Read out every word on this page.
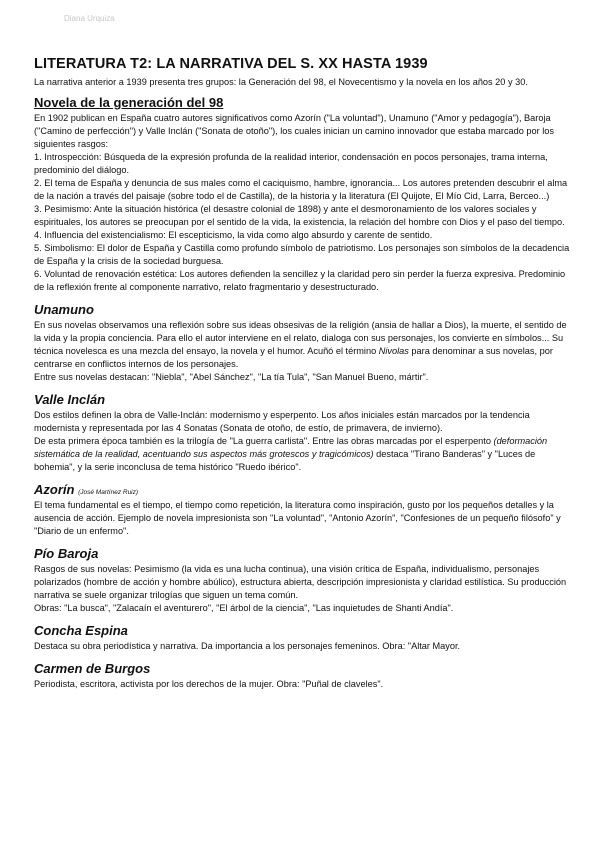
Diana Urquiza
LITERATURA T2: LA NARRATIVA DEL S. XX HASTA 1939

La narrativa anterior a 1939 presenta tres grupos: la Generación del 98, el Novecentismo y la novela en los años 20 y 30.

Novela de la generación del 98

En 1902 publican en España cuatro autores significativos como Azorín ("La voluntad"), Unamuno ("Amor y pedagogía"), Baroja ("Camino de perfección") y Valle Inclán ("Sonata de otoño"), los cuales inician un camino innovador que estaba marcado por los siguientes rasgos:

1. Introspección: Búsqueda de la expresión profunda de la realidad interior, condensación en pocos personajes, trama interna, predominio del diálogo.

2. El tema de España y denuncia de sus males como el caciquismo, hambre, ignorancia... Los autores pretenden descubrir el alma de la nación a través del paisaje (sobre todo el de Castilla), de la historia y la literatura (El Quijote, El Mío Cid, Larra, Berceo...)

3. Pesimismo: Ante la situación histórica (el desastre colonial de 1898) y ante el desmoronamiento de los valores sociales y espirituales, los autores se preocupan por el sentido de la vida, la existencia, la relación del hombre con Dios y el paso del tiempo.

4. Influencia del existencialismo: El escepticismo, la vida como algo absurdo y carente de sentido.

5. Simbolismo: El dolor de España y Castilla como profundo símbolo de patriotismo. Los personajes son símbolos de la decadencia de España y la crisis de la sociedad burguesa.

6. Voluntad de renovación estética: Los autores defienden la sencillez y la claridad pero sin perder la fuerza expresiva. Predominio de la reflexión frente al componente narrativo, relato fragmentario y desestructurado.

Unamuno

En sus novelas observamos una reflexión sobre sus ideas obsesivas de la religión (ansia de hallar a Dios), la muerte, el sentido de la vida y la propia conciencia. Para ello el autor interviene en el relato, dialoga con sus personajes, los convierte en símbolos... Su técnica novelesca es una mezcla del ensayo, la novela y el humor. Acuñó el término Nivolas para denominar a sus novelas, por centrarse en conflictos internos de los personajes.

Entre sus novelas destacan: "Niebla", "Abel Sánchez", "La tía Tula", "San Manuel Bueno, mártir".

Valle Inclán

Dos estilos definen la obra de Valle-Inclán: modernismo y esperpento. Los años iniciales están marcados por la tendencia modernista y representada por las 4 Sonatas (Sonata de otoño, de estío, de primavera, de invierno).

De esta primera época también es la trilogía de "La guerra carlista". Entre las obras marcadas por el esperpento (deformación sistemática de la realidad, acentuando sus aspectos más grotescos y tragicómicos) destaca "Tirano Banderas" y "Luces de bohemia", y la serie inconclusa de tema histórico "Ruedo ibérico".

Azorín (José Martínez Ruiz)

El tema fundamental es el tiempo, el tiempo como repetición, la literatura como inspiración, gusto por los pequeños detalles y la ausencia de acción. Ejemplo de novela impresionista son "La voluntad", "Antonio Azorín", "Confesiones de un pequeño filósofo" y "Diario de un enfermo".

Pío Baroja

Rasgos de sus novelas: Pesimismo (la vida es una lucha continua), una visión crítica de España, individualismo, personajes polarizados (hombre de acción y hombre abúlico), estructura abierta, descripción impresionista y claridad estilística. Su producción narrativa se suele organizar trilogías que siguen un tema común.

Obras: "La busca", "Zalacaín el aventurero", "El árbol de la ciencia", "Las inquietudes de Shanti Andía".

Concha Espina

Destaca su obra periodística y narrativa. Da importancia a los personajes femeninos. Obra: "Altar Mayor.

Carmen de Burgos

Periodista, escritora, activista por los derechos de la mujer. Obra: "Puñal de claveles".
